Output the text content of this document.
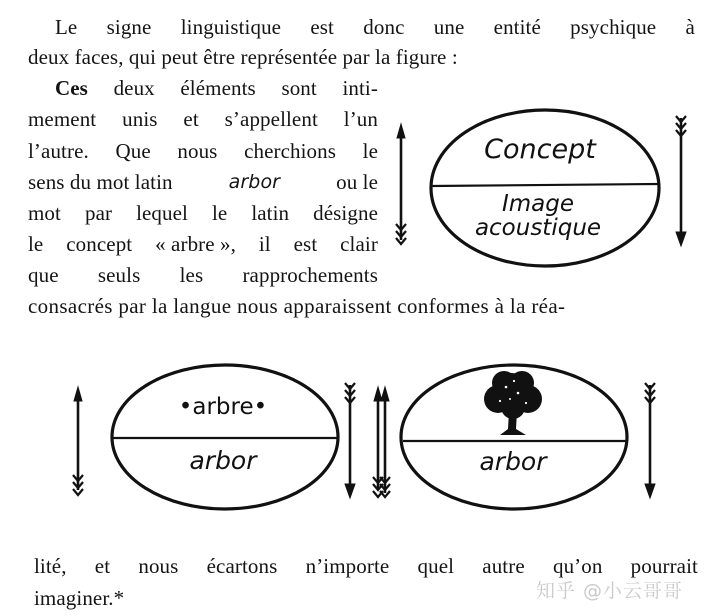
Le signe linguistique est donc une entité psychique à
deux faces, qui peut être représentée par la figure :
Ces deux éléments sont inti-
mement unis et s’appellent l’un
l’autre. Que nous cherchions le
sens du mot latin	arbor	ou le
mot par lequel le latin désigne
le concept « arbre », il est clair
que seuls les rapprochements
consacrés par la langue nous apparaissent conformes à la réa-
Concept
Image
acoustique
•arbre•
arbor	arbor
lité, et nous écartons n’importe quel autre qu’on pourrait
imaginer.*	知乎 @小云哥哥
